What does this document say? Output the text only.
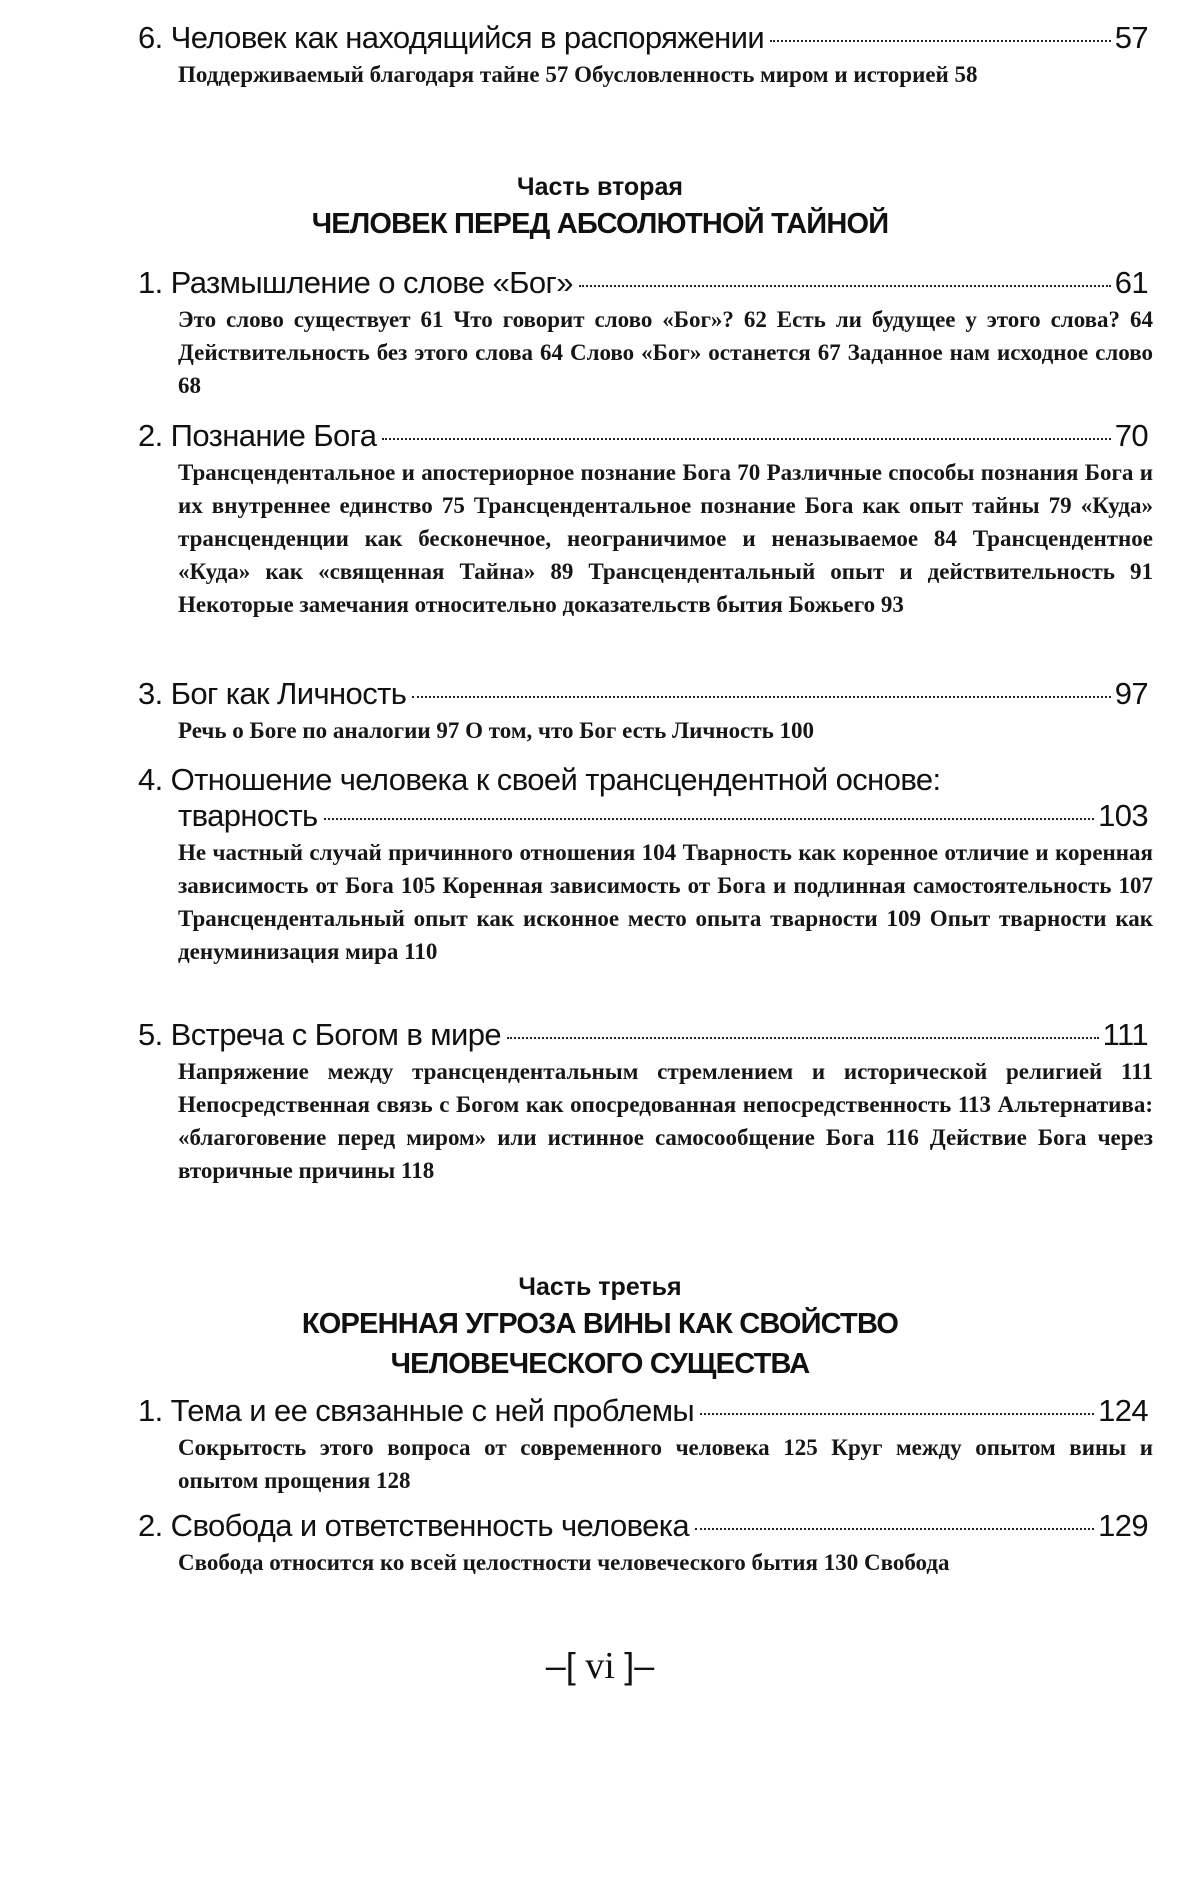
6. Человек как находящийся в распоряжении	57
Поддерживаемый благодаря тайне 57 Обусловленность миром и историей 58
Часть вторая
ЧЕЛОВЕК ПЕРЕД АБСОЛЮТНОЙ ТАЙНОЙ
1. Размышление о слове «Бог»	61
Это слово существует 61 Что говорит слово «Бог»? 62 Есть ли будущее у этого слова? 64 Действительность без этого слова 64 Слово «Бог» останется 67 Заданное нам исходное слово 68
2. Познание Бога	70
Трансцендентальное и апостериорное познание Бога 70 Различные способы познания Бога и их внутреннее единство 75 Трансцендентальное познание Бога как опыт тайны 79 «Куда» трансценденции как бесконечное, неограничимое и неназываемое 84 Трансцендентное «Куда» как «священная Тайна» 89 Трансцендентальный опыт и действительность 91 Некоторые замечания относительно доказательств бытия Божьего 93
3. Бог как Личность	97
Речь о Боге по аналогии 97 О том, что Бог есть Личность 100
4. Отношение человека к своей трансцендентной основе:
тварность	103
Не частный случай причинного отношения 104 Тварность как коренное отличие и коренная зависимость от Бога 105 Коренная зависимость от Бога и подлинная самостоятельность 107 Трансцендентальный опыт как исконное место опыта тварности 109 Опыт тварности как денуминизация мира 110
5. Встреча с Богом в мире	111
Напряжение между трансцендентальным стремлением и исторической религией 111 Непосредственная связь с Богом как опосредованная непосредственность 113 Альтернатива: «благоговение перед миром» или истинное самосообщение Бога 116 Действие Бога через вторичные причины 118
Часть третья
КОРЕННАЯ УГРОЗА ВИНЫ КАК СВОЙСТВО
ЧЕЛОВЕЧЕСКОГО СУЩЕСТВА
1. Тема и ее связанные с ней проблемы	124
Сокрытость этого вопроса от современного человека 125 Круг между опытом вины и опытом прощения 128
2. Свобода и ответственность человека	129
Свобода относится ко всей целостности человеческого бытия 130 Свобода
–[ vi ]–
